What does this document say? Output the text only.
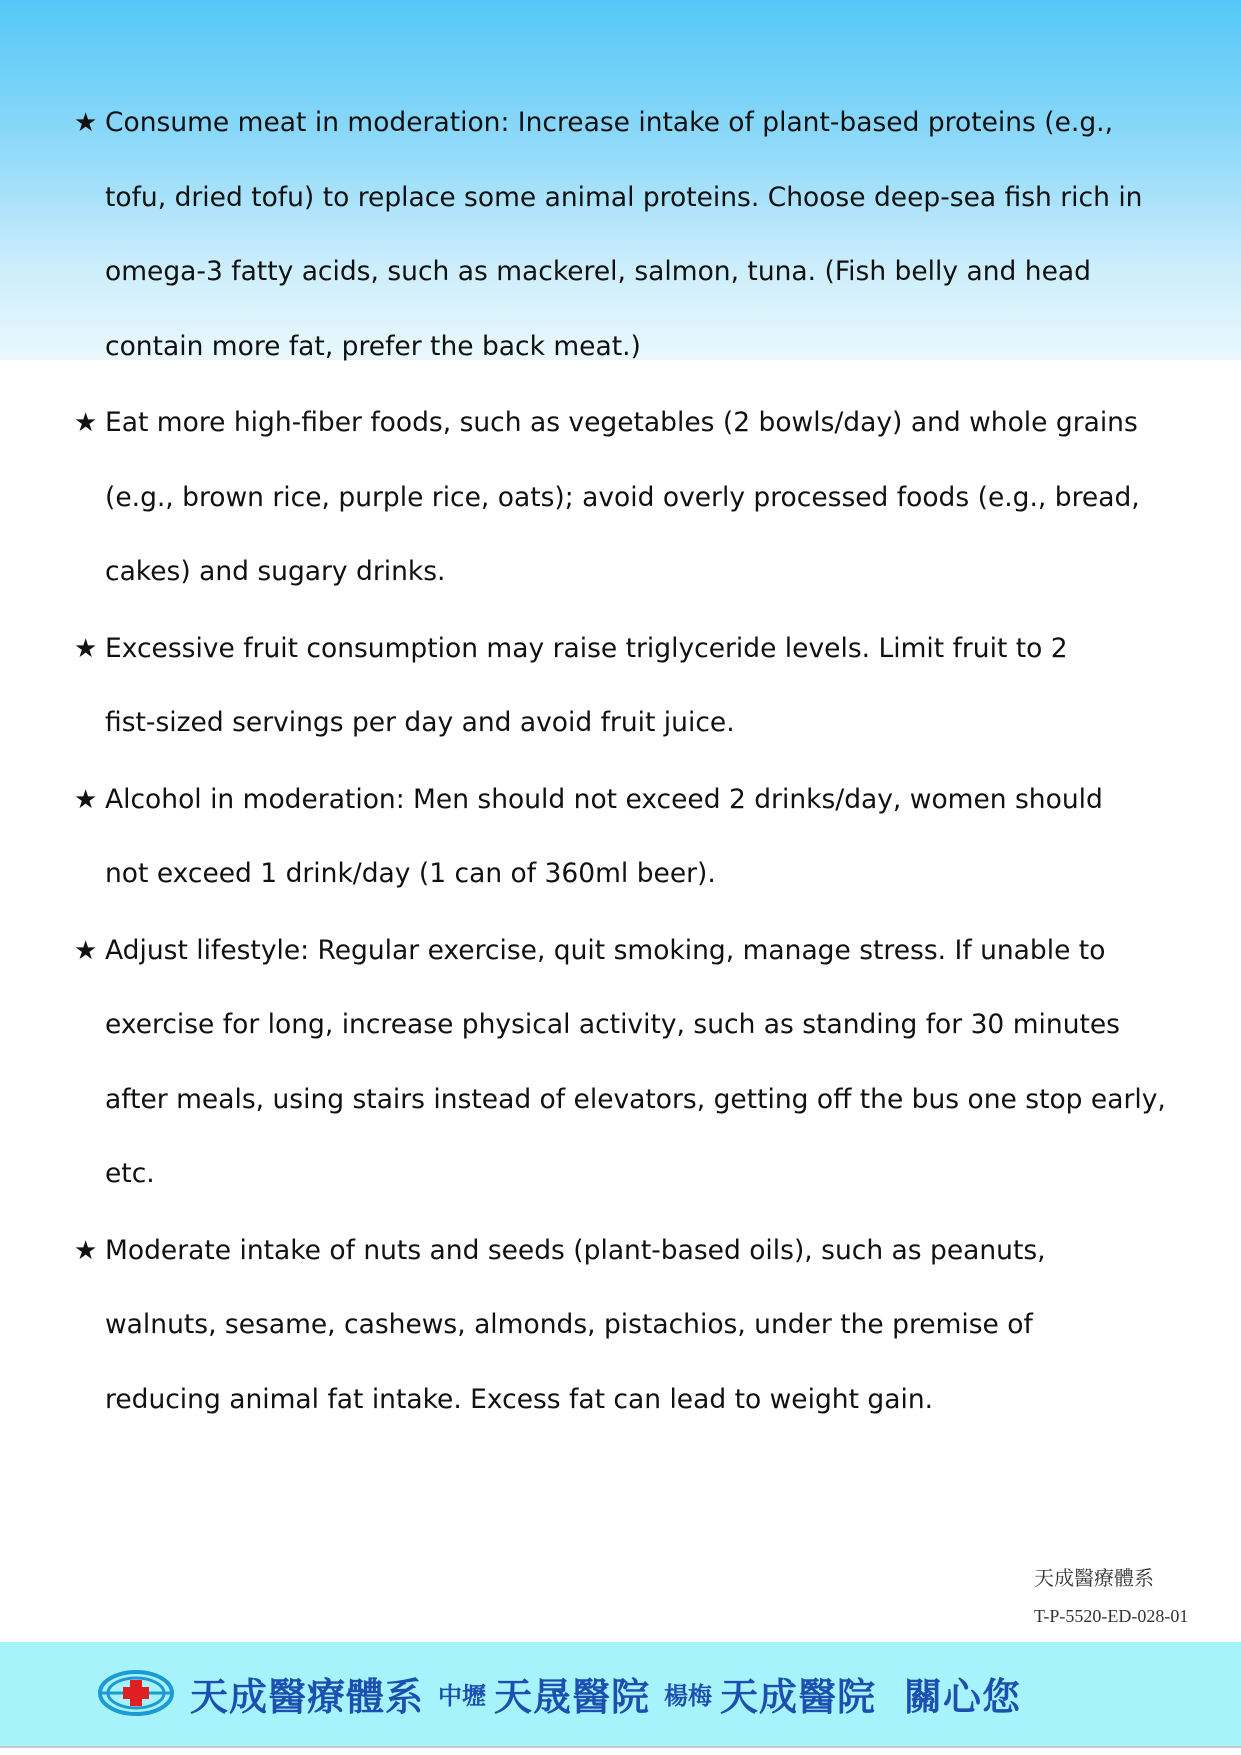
★ Consume meat in moderation: Increase intake of plant-based proteins (e.g.,
tofu, dried tofu) to replace some animal proteins. Choose deep-sea fish rich in
omega-3 fatty acids, such as mackerel, salmon, tuna. (Fish belly and head
contain more fat, prefer the back meat.)
★ Eat more high-fiber foods, such as vegetables (2 bowls/day) and whole grains
(e.g., brown rice, purple rice, oats); avoid overly processed foods (e.g., bread,
cakes) and sugary drinks.
★ Excessive fruit consumption may raise triglyceride levels. Limit fruit to 2
fist-sized servings per day and avoid fruit juice.
★ Alcohol in moderation: Men should not exceed 2 drinks/day, women should
not exceed 1 drink/day (1 can of 360ml beer).
★ Adjust lifestyle: Regular exercise, quit smoking, manage stress. If unable to
exercise for long, increase physical activity, such as standing for 30 minutes
after meals, using stairs instead of elevators, getting off the bus one stop early,
etc.
★ Moderate intake of nuts and seeds (plant-based oils), such as peanuts,
walnuts, sesame, cashews, almonds, pistachios, under the premise of
reducing animal fat intake. Excess fat can lead to weight gain.
天成醫療體系
T-P-5520-ED-028-01
天成醫療體系 中壢 天晟醫院 楊梅 天成醫院 關心您
